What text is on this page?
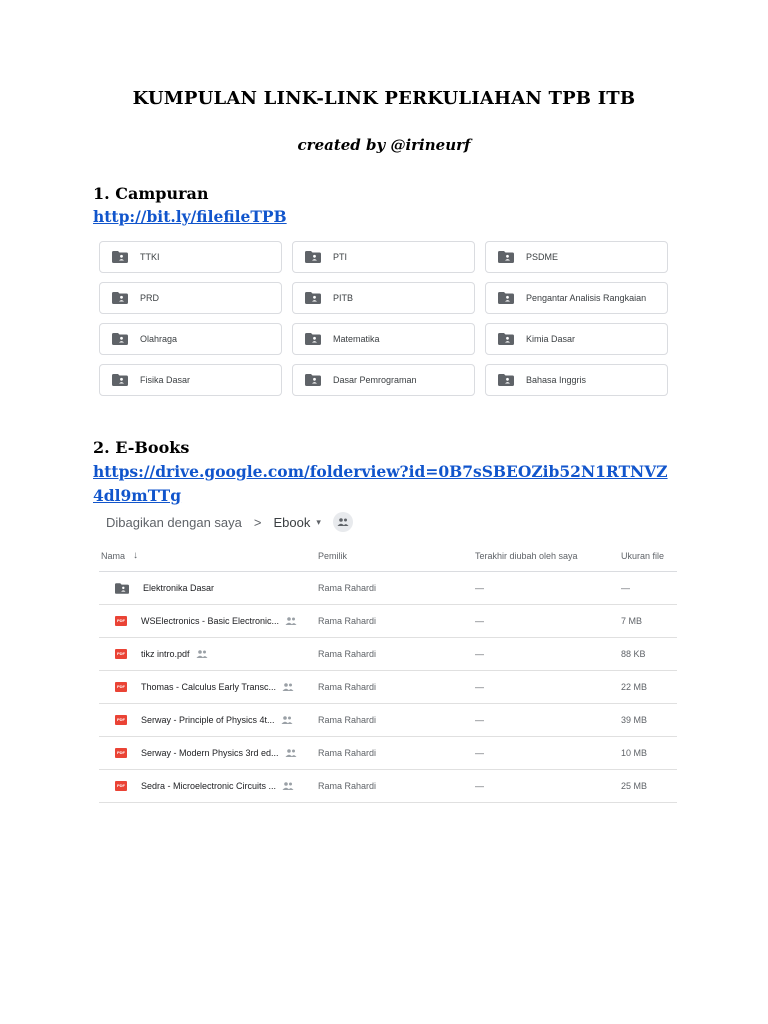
KUMPULAN LINK-LINK PERKULIAHAN TPB ITB

created by @irineurf

1. Campuran
http://bit.ly/filefileTPB
TTKI	PTI	PSDME
PRD	PITB	Pengantar Analisis Rangkaian
Olahraga	Matematika	Kimia Dasar
Fisika Dasar	Dasar Pemrograman	Bahasa Inggris
2. E-Books
https://drive.google.com/folderview?id=0B7sSBEOZib52N1RTNVZ4dl9mTTg
Dibagikan dengan saya > Ebook ▾
Nama ↓	Pemilik	Terakhir diubah oleh saya	Ukuran file
Elektronika Dasar	Rama Rahardi	—	—
PDF
WSElectronics - Basic Electronic...	Rama Rahardi	—	7 MB
PDF
tikz intro.pdf	Rama Rahardi	—	88 KB
PDF
Thomas - Calculus Early Transc...	Rama Rahardi	—	22 MB
PDF
Serway - Principle of Physics 4t...	Rama Rahardi	—	39 MB
PDF
Serway - Modern Physics 3rd ed...	Rama Rahardi	—	10 MB
PDF
Sedra - Microelectronic Circuits ...	Rama Rahardi	—	25 MB
